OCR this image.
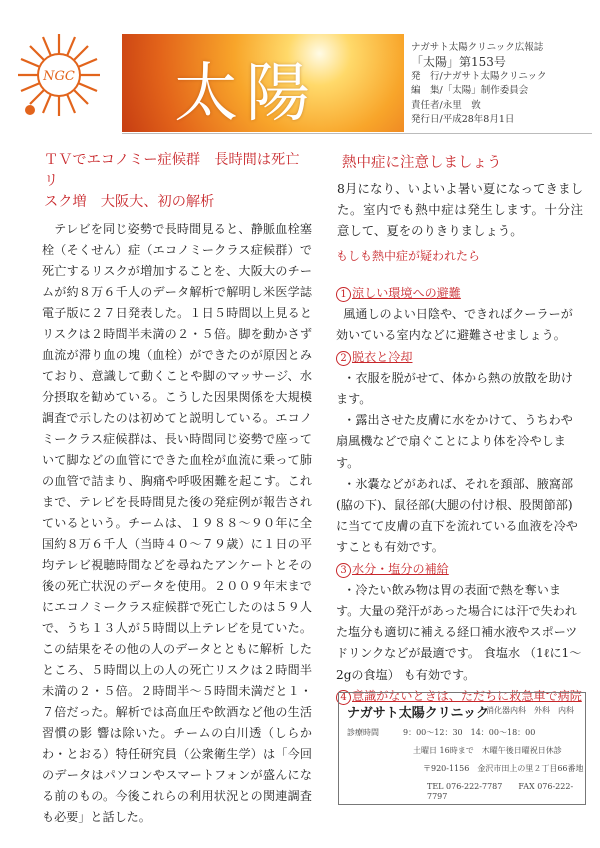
NGC 太陽
ナガサト太陽クリニック広報誌
「太陽」第153号
発　行/ナガサト太陽クリニック
編　集/「太陽」制作委員会
責任者/永里　敦
発行日/平成28年8月1日
ＴＶでエコノミー症候群　長時間は死亡リ
スク増　大阪大、初の解析

テレビを同じ姿勢で長時間見ると、静脈血栓塞栓（そくせん）症（エコノミークラス症候群）で死亡するリスクが増加することを、大阪大のチームが約８万６千人のデータ解析で解明し米医学誌電子版に２７日発表した。１日５時間以上見るとリスクは２時間半未満の２・５倍。脚を動かさず血流が滞り血の塊（血栓）ができたのが原因とみており、意識して動くことや脚のマッサージ、水分摂取を勧めている。こうした因果関係を大規模調査で示したのは初めてと説明している。エコノミークラス症候群は、長い時間同じ姿勢で座っていて脚などの血管にできた血栓が血流に乗って肺の血管で詰まり、胸痛や呼吸困難を起こす。これまで、テレビを長時間見た後の発症例が報告されているという。チームは、１９８８〜９０年に全国約８万６千人（当時４０〜７９歳）に１日の平均テレビ視聴時間などを尋ねたアンケートとその後の死亡状況のデータを使用。２００９年末までにエコノミークラス症候群で死亡したのは５９人で、うち１３人が５時間以上テレビを見ていた。この結果をその他の人のデータとともに解析 したところ、５時間以上の人の死亡リスクは２時間半未満の２・５倍。２時間半〜５時間未満だと１・７倍だった。解析では高血圧や飲酒など他の生活習慣の影 響は除いた。チームの白川透（しらかわ・とおる）特任研究員（公衆衛生学）は「今回のデータはパソコンやスマートフォンが盛んになる前のもの。今後これらの利用状況との関連調査も必要」と話した。

熱中症に注意しましょう
8月になり、いよいよ暑い夏になってきました。室内でも熱中症は発生します。十分注意して、夏をのりきりましょう。
もしも熱中症が疑われたら
1 涼しい環境への避難

風通しのよい日陰や、できればクーラーが効いている室内などに避難させましょう。

2 脱衣と冷却

・衣服を脱がせて、体から熱の放散を助けます。

・露出させた皮膚に水をかけて、うちわや扇風機などで扇ぐことにより体を冷やします。

・氷嚢などがあれば、それを頚部、腋窩部(脇の下)、鼠径部(大腿の付け根、股関節部)に当てて皮膚の直下を流れている血液を冷やすことも有効です。

3 水分・塩分の補給

・冷たい飲み物は胃の表面で熱を奪います。大量の発汗があった場合には汗で失われた塩分も適切に補える経口補水液やスポーツドリンクなどが最適です。 食塩水 （1ℓに1〜2gの食塩） も有効です。

4 意識がないときは、ただちに救急車で病院
ナガサト太陽クリニック
消化器内科　外科　内科
診療時間	9：00〜12：30　14：00〜18：00
土曜日 16時まで　木曜午後日曜祝日休診
〒920-1156　金沢市田上の里２丁目66番地
TEL 076-222-7787　　FAX 076-222-7797
